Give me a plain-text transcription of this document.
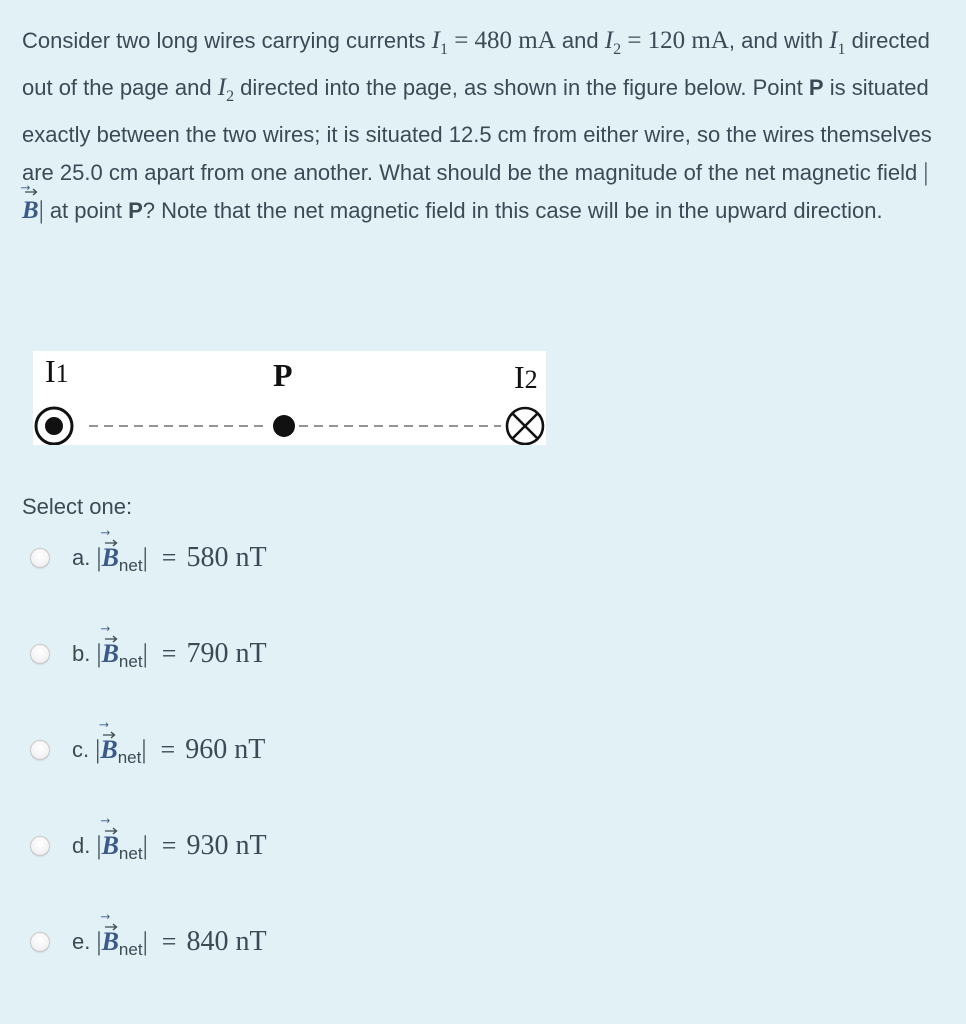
Consider two long wires carrying currents $I_1 = 480$ mA and $I_2 = 120$ mA, and with $I_1$ directed out of the page and $I_2$ directed into the page, as shown in the figure below. Point P is situated exactly between the two wires; it is situated 12.5 cm from either wire, so the wires themselves are 25.0 cm apart from one another. What should be the magnitude of the net magnetic field |⃗ B
| at point P? Note that the net magnetic field in this case will be in the upward direction.
I1	P	I2
Select one:
a. | ⃗ B net | = 580 nT
b. | ⃗ B net | = 790 nT
c. | ⃗ B net | = 960 nT
d. | ⃗ B net | = 930 nT
e. | ⃗ B net | = 840 nT
